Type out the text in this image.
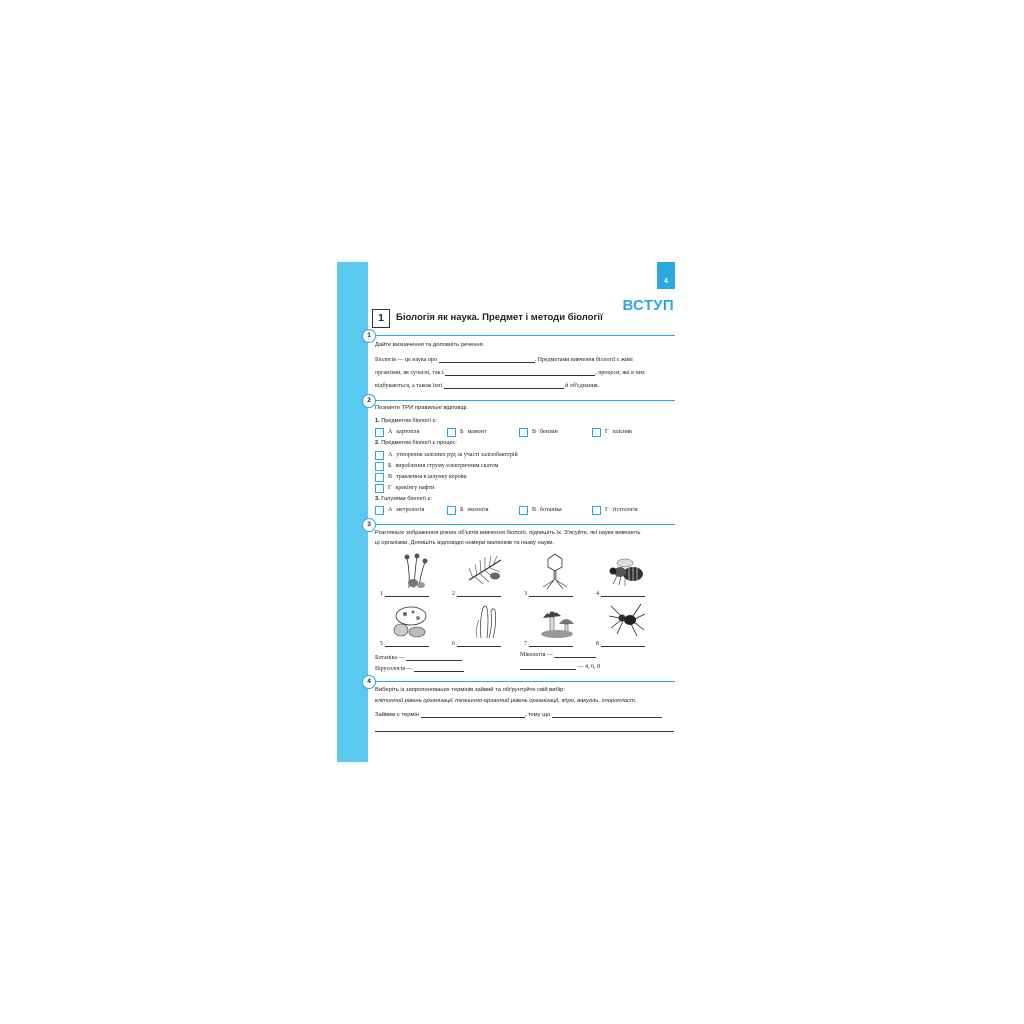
4
ВСТУП
1	Біологія як наука. Предмет і методи біології
1
Дайте визначення та доповніть речення.
Біологія — це наука про	. Предметами вивчення біології є живі
організми, як сучасні, так і	, процеси, які в них
відбуваються, а також їхні	й об'єднання.
2
Позначте ТРИ правильні відповіді.
1. Предметом біології є:
А картопля	Б мамонт	В бензин	Г плісняв
2. Предметом біології є процес:
А утворення залізних руд за участі залізобактерій
Б вироблення струму електричним скатом
В травлення в шлунку корови
Г крекінгу нафти
3. Галузями біології є:
А метрологія	Б екологія	В ботаніка	Г гістологія
3
Розгляньте зображення різних об'єктів вивчення біології, підпишіть їх. З'ясуйте, які науки вивчають
ці організми. Допишіть відповідні номери малюнків та назву науки.
1	2	3	4
5	6	7	8
Ботаніка —	Мікологія —
Вірусологія —	— 4, 6, 8
4
Виберіть із запропонованих термінів зайвий та обґрунтуйте свій вибір:
клітинний рівень організації, тканинно-органний рівень організації, ядро, вакуоль, хлоропласт.
Зайвим є термін	, тому що
